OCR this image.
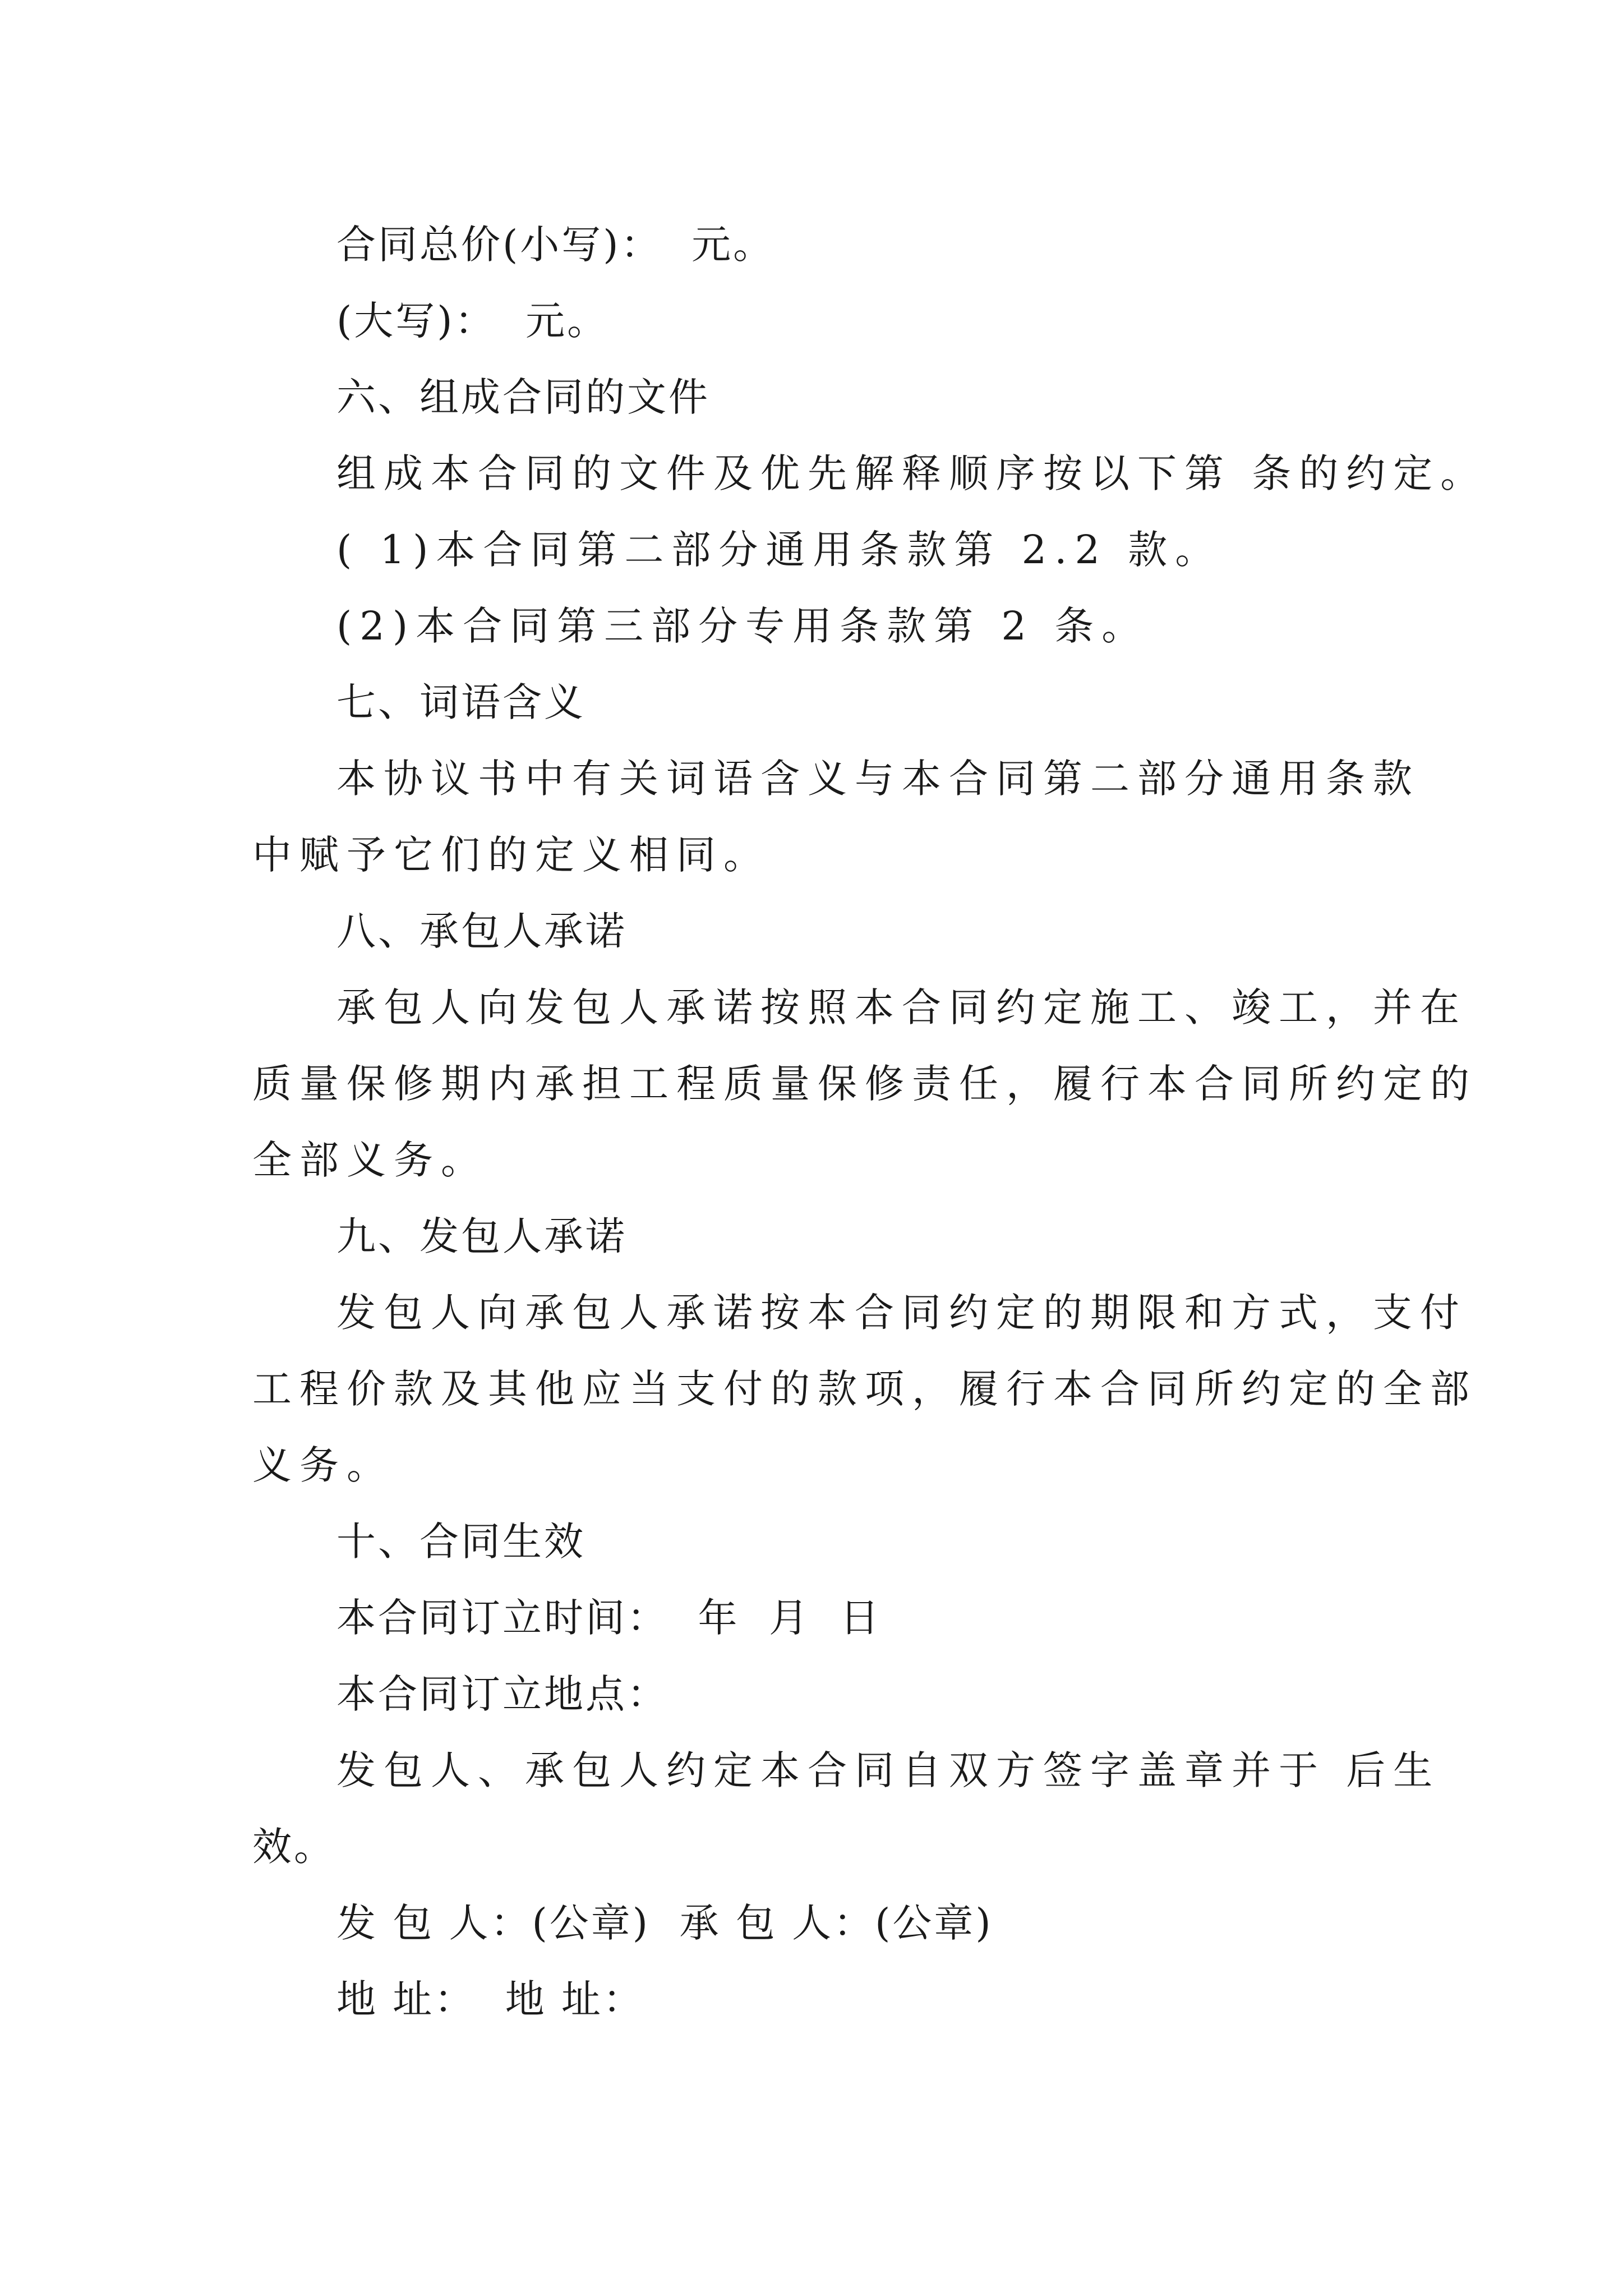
合同总价(小写)：  元。
(大写)：  元。
六、组成合同的文件
组成本合同的文件及优先解释顺序按以下第 条的约定。
( 1)本合同第二部分通用条款第 2.2 款。
(2)本合同第三部分专用条款第 2 条。
七、词语含义
本协议书中有关词语含义与本合同第二部分通用条款
中赋予它们的定义相同。
八、承包人承诺
承包人向发包人承诺按照本合同约定施工、竣工，并在
质量保修期内承担工程质量保修责任，履行本合同所约定的
全部义务。
九、发包人承诺
发包人向承包人承诺按本合同约定的期限和方式，支付
工程价款及其他应当支付的款项，履行本合同所约定的全部
义务。
十、合同生效
本合同订立时间：  年  月  日
本合同订立地点：
发包人、承包人约定本合同自双方签字盖章并于 后生
效。
发 包 人：(公章)  承 包 人：(公章)
地 址：  地 址：
